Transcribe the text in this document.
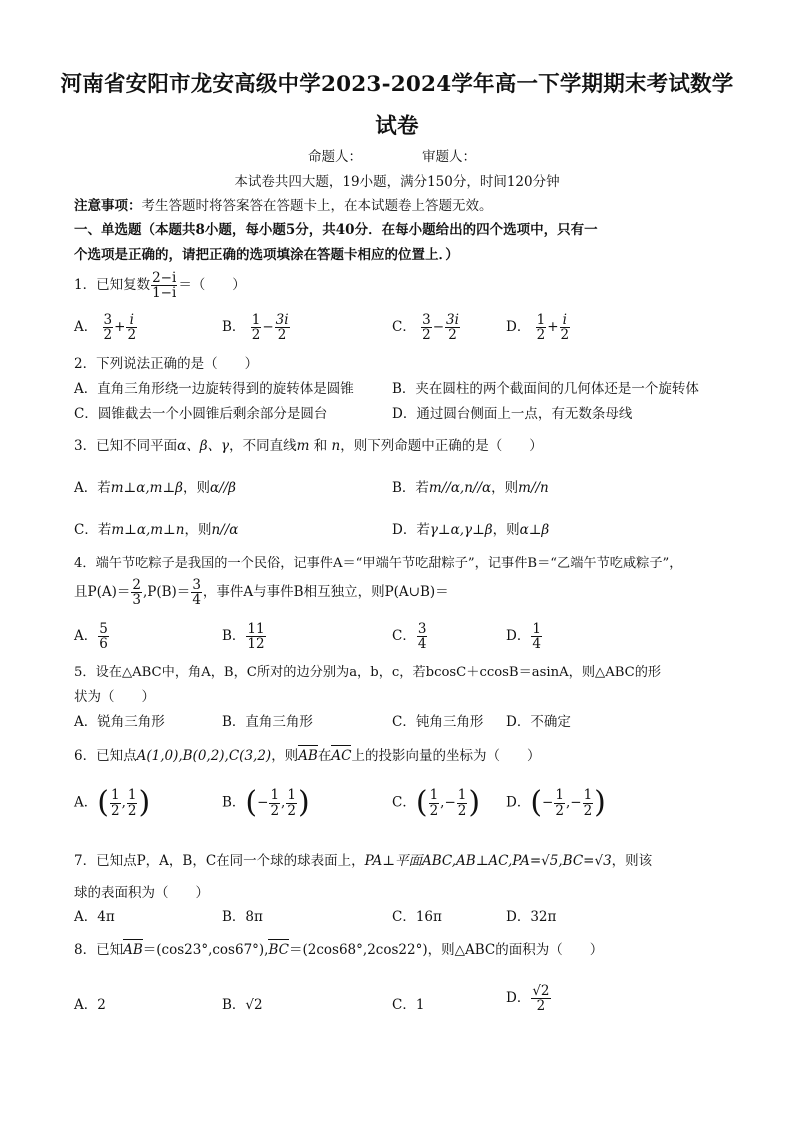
河南省安阳市龙安高级中学2023-2024学年高一下学期期末考试数学
试卷
命题人：	审题人：
本试卷共四大题，19小题，满分150分，时间120分钟
注意事项：考生答题时将答案答在答题卡上，在本试题卷上答题无效。
一、单选题（本题共8小题，每小题5分，共40分．在每小题给出的四个选项中，只有一
个选项是正确的，请把正确的选项填涂在答题卡相应的位置上．）
1．已知复数 $\frac{2-i}{1-i}$ ＝（　　）
A． $\frac{3}{2} + \frac{i}{2}$	B． $\frac{1}{2} - \frac{3i}{2}$	C． $\frac{3}{2} - \frac{3i}{2}$	D． $\frac{1}{2} + \frac{i}{2}$
2．下列说法正确的是（　　）
A．直角三角形绕一边旋转得到的旋转体是圆锥	B．夹在圆柱的两个截面间的几何体还是一个旋转体
C．圆锥截去一个小圆锥后剩余部分是圆台	D．通过圆台侧面上一点，有无数条母线
3．已知不同平面α、β、γ，不同直线m 和 n，则下列命题中正确的是（　　）
A．若m⊥α,m⊥β，则α//β	B．若m//α,n//α，则m//n
C．若m⊥α,m⊥n，则n//α	D．若γ⊥α,γ⊥β，则α⊥β
4．端午节吃粽子是我国的一个民俗，记事件A＝“甲端午节吃甜粽子”，记事件B＝“乙端午节吃咸粽子”，
且$P(A)= \frac{2}{3} ,P(B)= \frac{3}{4}$ ，事件A与事件B相互独立，则P(A∪B)＝
A． $\frac{5}{6}$	B． $\frac{11}{12}$	C． $\frac{3}{4}$	D． $\frac{1}{4}$
5．设在△ABC中，角A，B，C所对的边分别为a，b，c，若bcosC＋ccosB＝asinA，则△ABC的形
状为（　　）
A．锐角三角形	B．直角三角形	C．钝角三角形 D．不确定
6．已知点A(1,0),B(0,2),C(3,2)，则AB在AC上的投影向量的坐标为（　　）
A．( $\frac{1}{2}$ , $\frac{1}{2}$ )	B．(− $\frac{1}{2}$ , $\frac{1}{2}$ )	C．( $\frac{1}{2}$ ,− $\frac{1}{2}$ ) D．(− $\frac{1}{2}$ ,− $\frac{1}{2}$ )
7．已知点P，A，B，C在同一个球的球表面上，PA⊥平面ABC,AB⊥AC,PA=√5,BC=√3，则该
球的表面积为（　　）
A．4π	B．8π	C．16π	D．32π
8．已知AB＝(cos23°,cos67°),BC＝(2cos68°,2cos22°)，则△ABC的面积为（　　）
A．2	B．√2	C．1	D． $\frac{√2}{2}$
